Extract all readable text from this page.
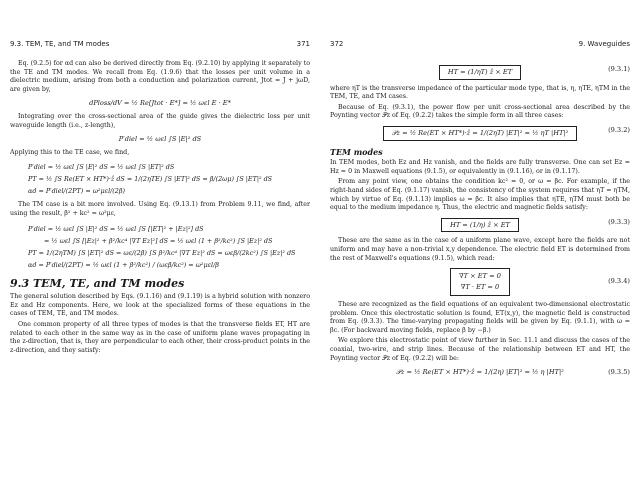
9.3. TEM, TE, and TM modes	371

Eq. (9.2.5) for αd can also be derived directly from Eq. (9.2.10) by applying it separately to the TE and TM modes. We recall from Eq. (1.9.6) that the losses per unit volume in a dielectric medium, arising from both a conduction and polarization current, Jtot = J + jωD, are given by,

dPloss/dV = ½ Re[Jtot · E*] = ½ ωεl E · E*

Integrating over the cross-sectional area of the guide gives the dielectric loss per unit waveguide length (i.e., z-length),

P′diel = ½ ωεl ∫S |E|² dS

Applying this to the TE case, we find,

P′diel = ½ ωεl ∫S |E|² dS = ½ ωεl ∫S |ET|² dS
PT = ½ ∫S Re(ET × HT*)·ẑ dS = 1/(2ηTE) ∫S |ET|² dS = β/(2ωμ) ∫S |ET|² dS
αd = P′diel/(2PT) = ω²μεl/(2β)

The TM case is a bit more involved. Using Eq. (9.13.1) from Problem 9.11, we find, after using the result, β² + kc² = ω²με,

P′diel = ½ ωεl ∫S |E|² dS = ½ ωεl ∫S [|ET|² + |Ez|²] dS
= ½ ωεl ∫S [|Ez|² + β²/kc⁴ |∇T Ez|²] dS = ½ ωεl (1 + β²/kc²) ∫S |Ez|² dS
PT = 1/(2ηTM) ∫S |ET|² dS = ωε/(2β) ∫S β²/kc⁴ |∇T Ez|² dS = ωεβ/(2kc²) ∫S |Ez|² dS
αd = P′diel/(2PT) = ½ ωεl (1 + β²/kc²) / (ωεβ/kc²) = ω²μεl/β
9.3 TEM, TE, and TM modes

The general solution described by Eqs. (9.1.16) and (9.1.19) is a hybrid solution with nonzero Ez and Hz components. Here, we look at the specialized forms of these equations in the cases of TEM, TE, and TM modes.

One common property of all three types of modes is that the transverse fields ET, HT are related to each other in the same way as in the case of uniform plane waves propagating in the z-direction, that is, they are perpendicular to each other, their cross-product points in the z-direction, and they satisfy:

372	9. Waveguides
HT = (1/ηT) ẑ × ET	(9.3.1)

where ηT is the transverse impedance of the particular mode type, that is, η, ηTE, ηTM in the TEM, TE, and TM cases.

Because of Eq. (9.3.1), the power flow per unit cross-sectional area described by the Poynting vector 𝒫z of Eq. (9.2.2) takes the simple form in all three cases:

𝒫z = ½ Re(ET × HT*)·ẑ = 1/(2ηT) |ET|² = ½ ηT |HT|²	(9.3.2)
TEM modes

In TEM modes, both Ez and Hz vanish, and the fields are fully transverse. One can set Ez = Hz = 0 in Maxwell equations (9.1.5), or equivalently in (9.1.16), or in (9.1.17).

From any point view, one obtains the condition kc² = 0, or ω = βc. For example, if the right-hand sides of Eq. (9.1.17) vanish, the consistency of the system requires that ηT = ηTM, which by virtue of Eq. (9.1.13) implies ω = βc. It also implies that ηTE, ηTM must both be equal to the medium impedance η. Thus, the electric and magnetic fields satisfy:

HT = (1/η) ẑ × ET	(9.3.3)

These are the same as in the case of a uniform plane wave, except here the fields are not uniform and may have a non-trivial x,y dependence. The electric field ET is determined from the rest of Maxwell's equations (9.1.5), which read:

∇T × ET = 0
∇T · ET = 0
(9.3.4)

These are recognized as the field equations of an equivalent two-dimensional electrostatic problem. Once this electrostatic solution is found, ET(x,y), the magnetic field is constructed from Eq. (9.3.3). The time-varying propagating fields will be given by Eq. (9.1.1), with ω = βc. (For backward moving fields, replace β by −β.)

We explore this electrostatic point of view further in Sec. 11.1 and discuss the cases of the coaxial, two-wire, and strip lines. Because of the relationship between ET and HT, the Poynting vector 𝒫z of Eq. (9.2.2) will be:

𝒫z = ½ Re(ET × HT*)·ẑ = 1/(2η) |ET|² = ½ η |HT|²	(9.3.5)
